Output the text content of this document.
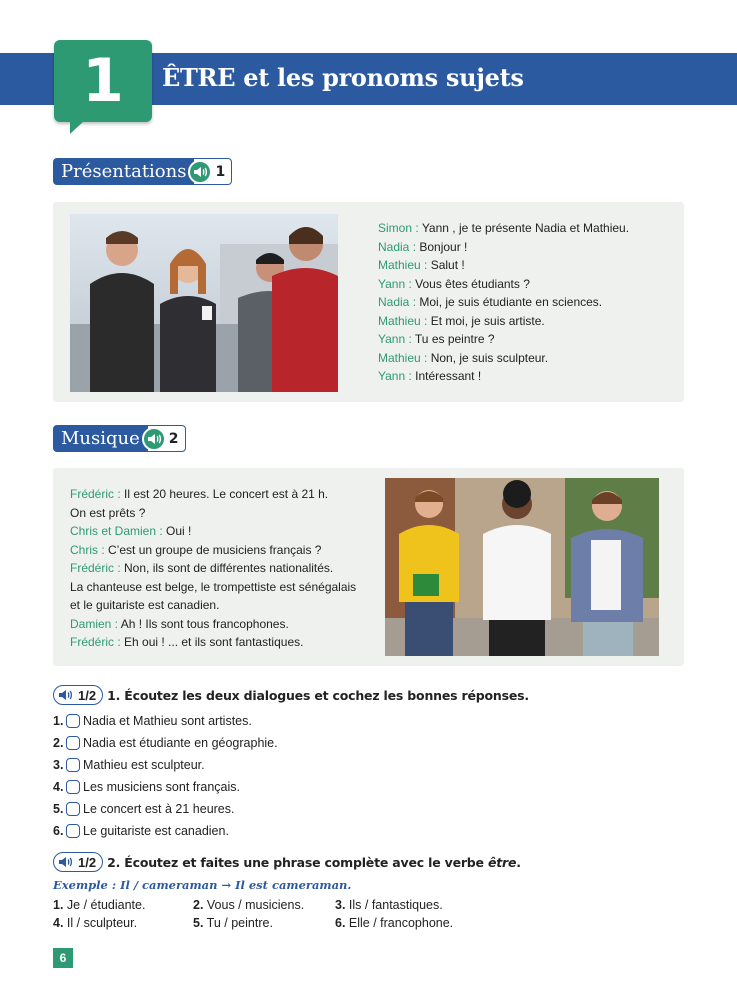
1	ÊTRE et les pronoms sujets
Présentations	1
Simon : Yann , je te présente Nadia et Mathieu.
Nadia : Bonjour !
Mathieu : Salut !
Yann : Vous êtes étudiants ?
Nadia : Moi, je suis étudiante en sciences.
Mathieu : Et moi, je suis artiste.
Yann : Tu es peintre ?
Mathieu : Non, je suis sculpteur.
Yann : Intéressant !
Musique	2
Frédéric : Il est 20 heures. Le concert est à 21 h.
On est prêts ?
Chris et Damien : Oui !
Chris : C’est un groupe de musiciens français ?
Frédéric : Non, ils sont de différentes nationalités.
La chanteuse est belge, le trompettiste est sénégalais
et le guitariste est canadien.
Damien : Ah ! Ils sont tous francophones.
Frédéric : Eh oui ! ... et ils sont fantastiques.
1/2 1. Écoutez les deux dialogues et cochez les bonnes réponses.
1. Nadia et Mathieu sont artistes.
2. Nadia est étudiante en géographie.
3. Mathieu est sculpteur.
4. Les musiciens sont français.
5. Le concert est à 21 heures.
6. Le guitariste est canadien.
1/2 2. Écoutez et faites une phrase complète avec le verbe être.
Exemple : Il / cameraman → Il est cameraman.
1. Je / étudiante.	2. Vous / musiciens. 3. Ils / fantastiques.
4. Il / sculpteur.	5. Tu / peintre.	6. Elle / francophone.
6
